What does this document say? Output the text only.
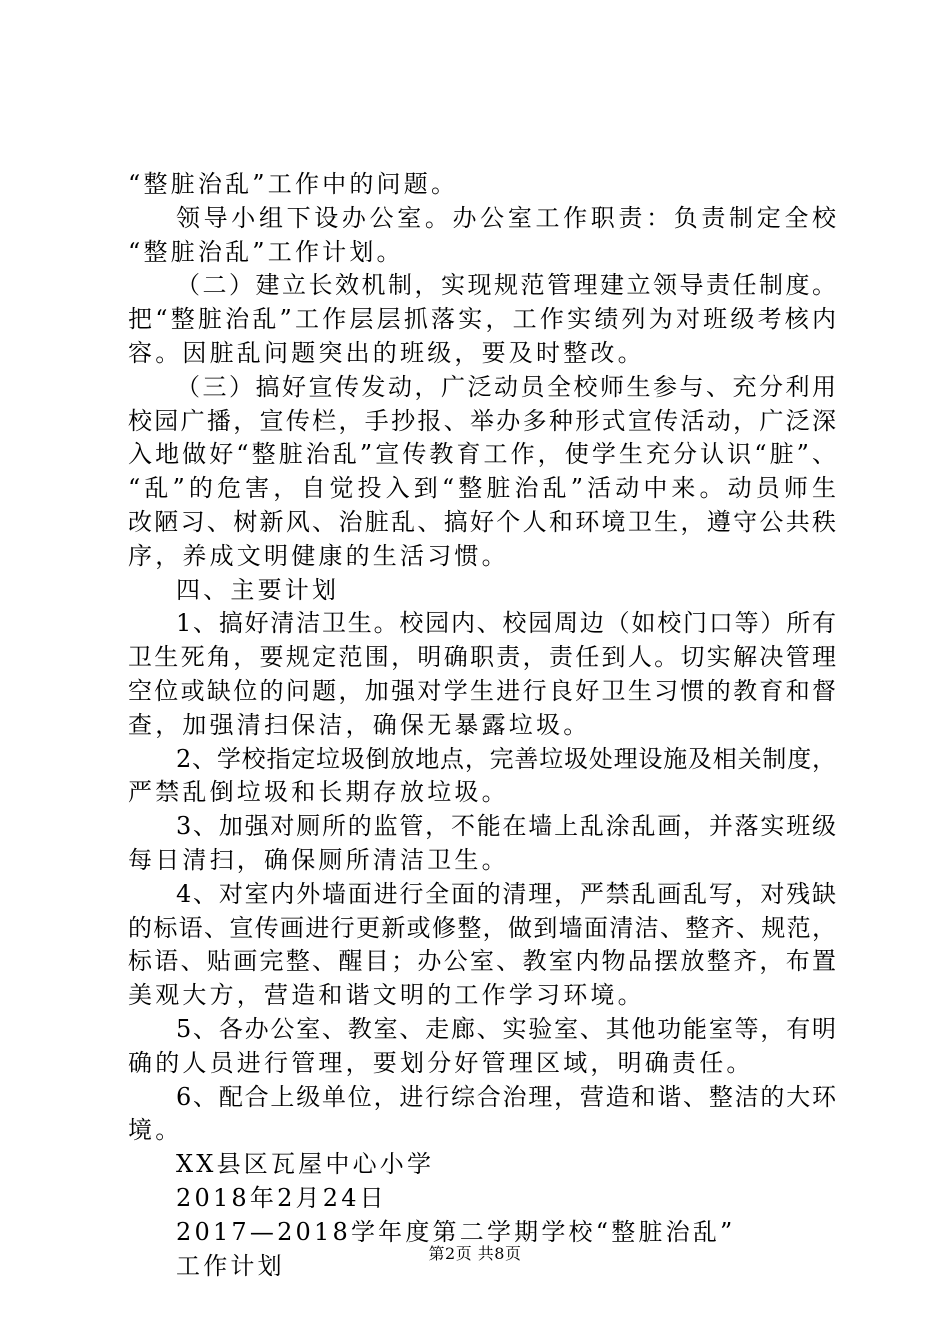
“整脏治乱”工作中的问题。
领导小组下设办公室。办公室工作职责：负责制定全校
“整脏治乱”工作计划。
（二）建立长效机制，实现规范管理建立领导责任制度。
把“整脏治乱”工作层层抓落实，工作实绩列为对班级考核内
容。因脏乱问题突出的班级，要及时整改。
（三）搞好宣传发动，广泛动员全校师生参与、充分利用
校园广播，宣传栏，手抄报、举办多种形式宣传活动，广泛深
入地做好“整脏治乱”宣传教育工作，使学生充分认识“脏”、
“乱”的危害，自觉投入到“整脏治乱”活动中来。动员师生
改陋习、树新风、治脏乱、搞好个人和环境卫生，遵守公共秩
序，养成文明健康的生活习惯。
四、主要计划
1、搞好清洁卫生。校园内、校园周边（如校门口等）所有
卫生死角，要规定范围，明确职责，责任到人。切实解决管理
空位或缺位的问题，加强对学生进行良好卫生习惯的教育和督
查，加强清扫保洁，确保无暴露垃圾。
2、学校指定垃圾倒放地点，完善垃圾处理设施及相关制度，
严禁乱倒垃圾和长期存放垃圾。
3、加强对厕所的监管，不能在墙上乱涂乱画，并落实班级
每日清扫，确保厕所清洁卫生。
4、对室内外墙面进行全面的清理，严禁乱画乱写，对残缺
的标语、宣传画进行更新或修整，做到墙面清洁、整齐、规范，
标语、贴画完整、醒目；办公室、教室内物品摆放整齐，布置
美观大方，营造和谐文明的工作学习环境。
5、各办公室、教室、走廊、实验室、其他功能室等，有明
确的人员进行管理，要划分好管理区域，明确责任。
6、配合上级单位，进行综合治理，营造和谐、整洁的大环
境。
XX县区瓦屋中心小学
2018年2月24日
2017—2018学年度第二学期学校“整脏治乱”
工作计划	第2页 共8页
